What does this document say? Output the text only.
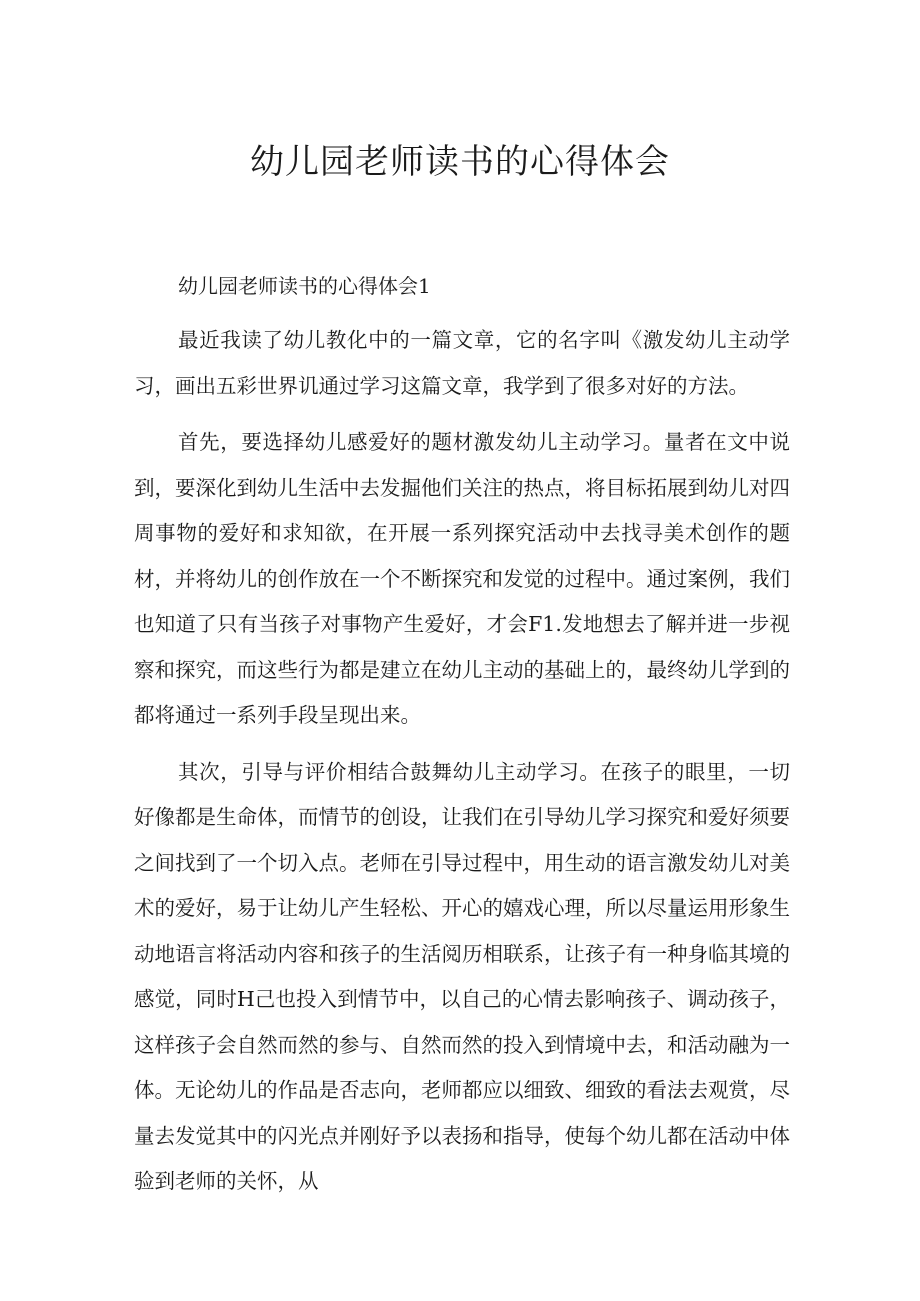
幼儿园老师读书的心得体会
幼儿园老师读书的心得体会1

最近我读了幼儿教化中的一篇文章，它的名字叫《激发幼儿主动学习，画出五彩世界讥通过学习这篇文章，我学到了很多对好的方法。

首先，要选择幼儿感爱好的题材激发幼儿主动学习。量者在文中说到，要深化到幼儿生活中去发掘他们关注的热点，将目标拓展到幼儿对四周事物的爱好和求知欲，在开展一系列探究活动中去找寻美术创作的题材，并将幼儿的创作放在一个不断探究和发觉的过程中。通过案例，我们也知道了只有当孩子对事物产生爱好，才会F1.发地想去了解并进一步视察和探究，而这些行为都是建立在幼儿主动的基础上的，最终幼儿学到的都将通过一系列手段呈现出来。

其次，引导与评价相结合鼓舞幼儿主动学习。在孩子的眼里，一切好像都是生命体，而情节的创设，让我们在引导幼儿学习探究和爱好须要之间找到了一个切入点。老师在引导过程中，用生动的语言激发幼儿对美术的爱好，易于让幼儿产生轻松、开心的嬉戏心理，所以尽量运用形象生动地语言将活动内容和孩子的生活阅历相联系，让孩子有一种身临其境的感觉，同时H己也投入到情节中，以自己的心情去影响孩子、调动孩子，这样孩子会自然而然的参与、自然而然的投入到情境中去，和活动融为一体。无论幼儿的作品是否志向，老师都应以细致、细致的看法去观赏，尽量去发觉其中的闪光点并刚好予以表扬和指导，使每个幼儿都在活动中体验到老师的关怀，从
